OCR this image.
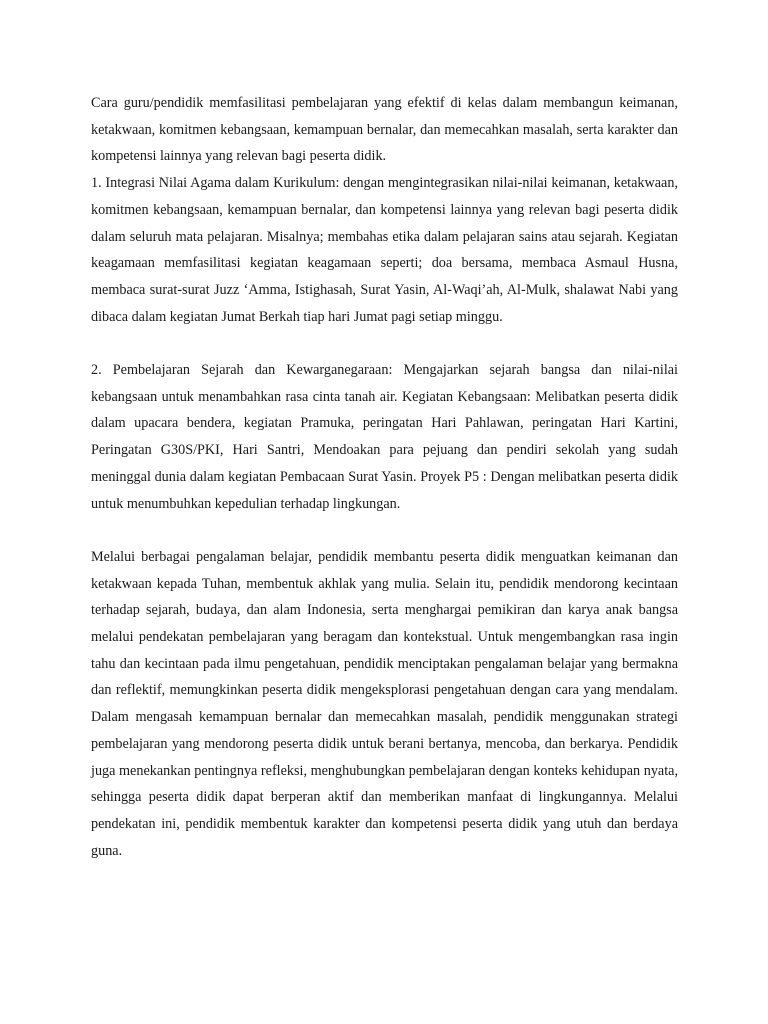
Cara guru/pendidik memfasilitasi pembelajaran yang efektif di kelas dalam membangun keimanan, ketakwaan, komitmen kebangsaan, kemampuan bernalar, dan memecahkan masalah, serta karakter dan kompetensi lainnya yang relevan bagi peserta didik.

1. Integrasi Nilai Agama dalam Kurikulum: dengan mengintegrasikan nilai-nilai keimanan, ketakwaan, komitmen kebangsaan, kemampuan bernalar, dan kompetensi lainnya yang relevan bagi peserta didik dalam seluruh mata pelajaran. Misalnya; membahas etika dalam pelajaran sains atau sejarah. Kegiatan keagamaan memfasilitasi kegiatan keagamaan seperti; doa bersama, membaca Asmaul Husna, membaca surat-surat Juzz ‘Amma, Istighasah, Surat Yasin, Al-Waqi’ah, Al-Mulk, shalawat Nabi yang dibaca dalam kegiatan Jumat Berkah tiap hari Jumat pagi setiap minggu.

2. Pembelajaran Sejarah dan Kewarganegaraan: Mengajarkan sejarah bangsa dan nilai-nilai kebangsaan untuk menambahkan rasa cinta tanah air. Kegiatan Kebangsaan: Melibatkan peserta didik dalam upacara bendera, kegiatan Pramuka, peringatan Hari Pahlawan, peringatan Hari Kartini, Peringatan G30S/PKI, Hari Santri, Mendoakan para pejuang dan pendiri sekolah yang sudah meninggal dunia dalam kegiatan Pembacaan Surat Yasin. Proyek P5 : Dengan melibatkan peserta didik untuk menumbuhkan kepedulian terhadap lingkungan.

Melalui berbagai pengalaman belajar, pendidik membantu peserta didik menguatkan keimanan dan ketakwaan kepada Tuhan, membentuk akhlak yang mulia. Selain itu, pendidik mendorong kecintaan terhadap sejarah, budaya, dan alam Indonesia, serta menghargai pemikiran dan karya anak bangsa melalui pendekatan pembelajaran yang beragam dan kontekstual. Untuk mengembangkan rasa ingin tahu dan kecintaan pada ilmu pengetahuan, pendidik menciptakan pengalaman belajar yang bermakna dan reflektif, memungkinkan peserta didik mengeksplorasi pengetahuan dengan cara yang mendalam. Dalam mengasah kemampuan bernalar dan memecahkan masalah, pendidik menggunakan strategi pembelajaran yang mendorong peserta didik untuk berani bertanya, mencoba, dan berkarya. Pendidik juga menekankan pentingnya refleksi, menghubungkan pembelajaran dengan konteks kehidupan nyata, sehingga peserta didik dapat berperan aktif dan memberikan manfaat di lingkungannya. Melalui pendekatan ini, pendidik membentuk karakter dan kompetensi peserta didik yang utuh dan berdaya guna.
